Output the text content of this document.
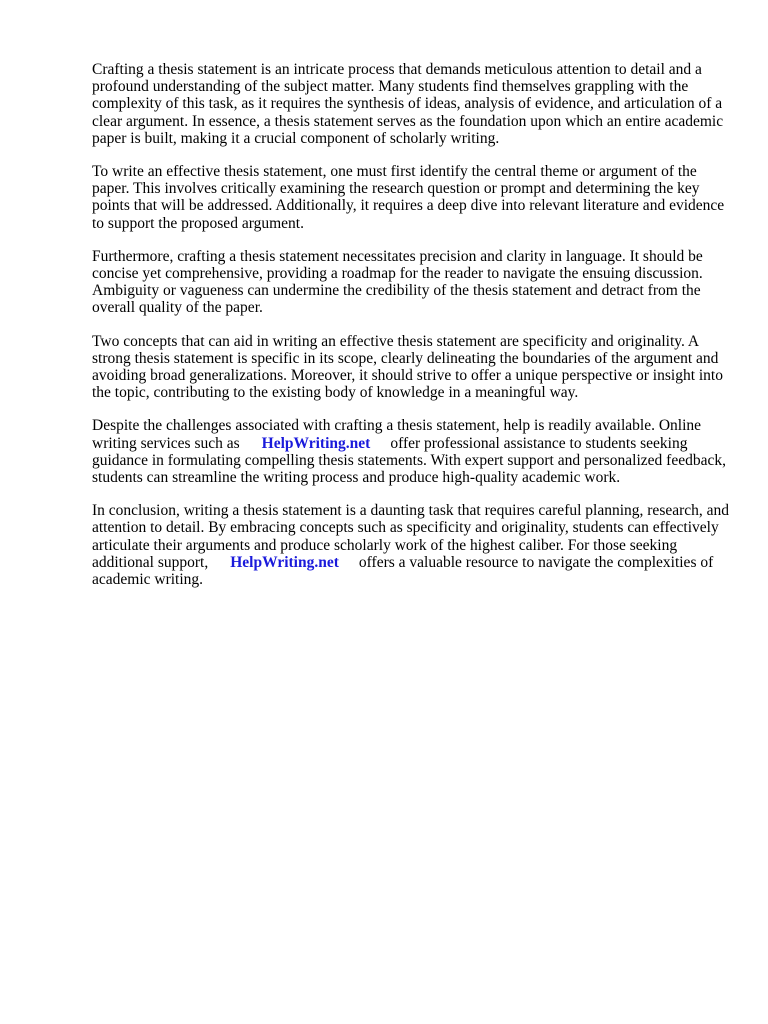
Crafting a thesis statement is an intricate process that demands meticulous attention to detail and a profound understanding of the subject matter. Many students find themselves grappling with the complexity of this task, as it requires the synthesis of ideas, analysis of evidence, and articulation of a clear argument. In essence, a thesis statement serves as the foundation upon which an entire academic paper is built, making it a crucial component of scholarly writing.

To write an effective thesis statement, one must first identify the central theme or argument of the paper. This involves critically examining the research question or prompt and determining the key points that will be addressed. Additionally, it requires a deep dive into relevant literature and evidence to support the proposed argument.

Furthermore, crafting a thesis statement necessitates precision and clarity in language. It should be concise yet comprehensive, providing a roadmap for the reader to navigate the ensuing discussion. Ambiguity or vagueness can undermine the credibility of the thesis statement and detract from the overall quality of the paper.

Two concepts that can aid in writing an effective thesis statement are specificity and originality. A strong thesis statement is specific in its scope, clearly delineating the boundaries of the argument and avoiding broad generalizations. Moreover, it should strive to offer a unique perspective or insight into the topic, contributing to the existing body of knowledge in a meaningful way.

Despite the challenges associated with crafting a thesis statement, help is readily available. Online writing services such as HelpWriting.net offer professional assistance to students seeking guidance in formulating compelling thesis statements. With expert support and personalized feedback, students can streamline the writing process and produce high-quality academic work.

In conclusion, writing a thesis statement is a daunting task that requires careful planning, research, and attention to detail. By embracing concepts such as specificity and originality, students can effectively articulate their arguments and produce scholarly work of the highest caliber. For those seeking additional support, HelpWriting.net offers a valuable resource to navigate the complexities of academic writing.
